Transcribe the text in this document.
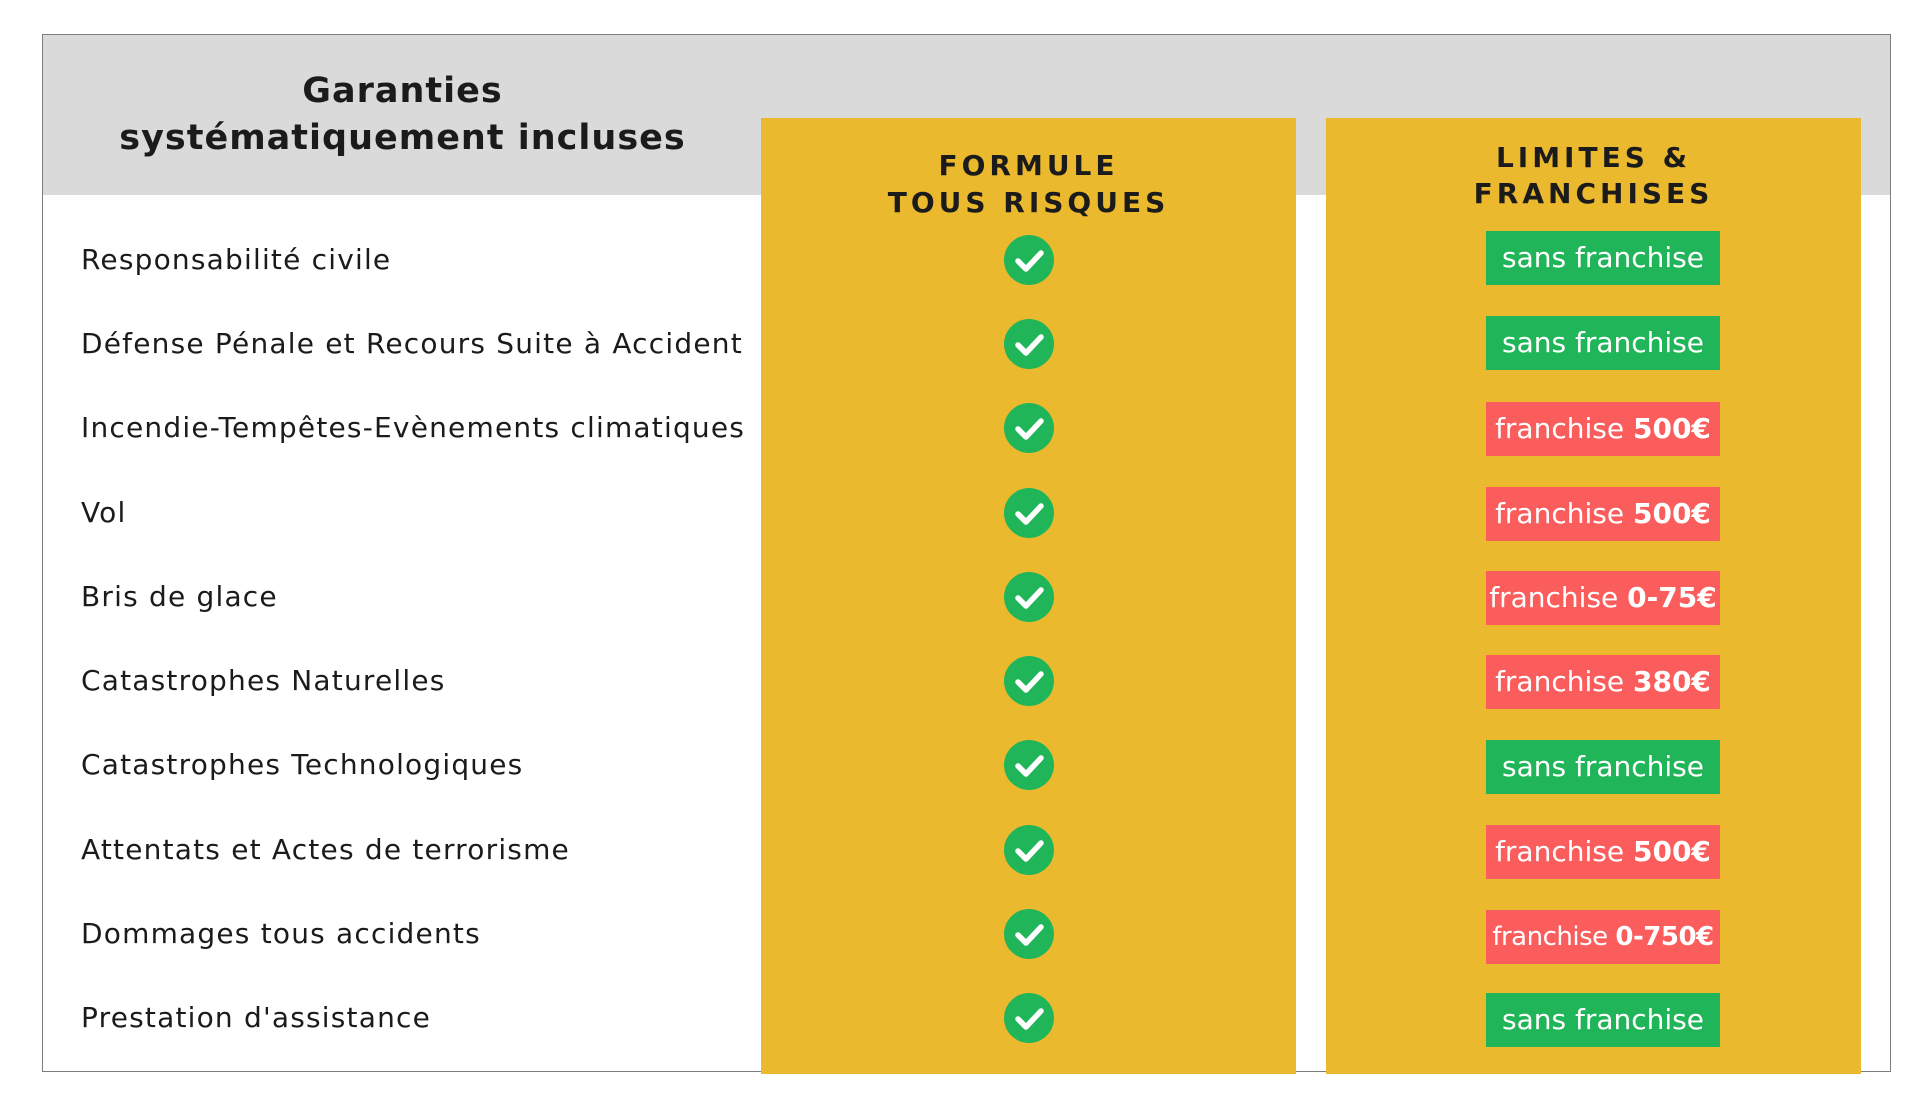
Garanties
systématiquement incluses
FORMULE
TOUS RISQUES
LIMITES &
FRANCHISES
Responsabilité civile	sans franchise
Défense Pénale et Recours Suite à Accident	sans franchise
Incendie-Tempêtes-Evènements climatiques	franchise 500€
Vol	franchise 500€
Bris de glace	franchise 0-75€
Catastrophes Naturelles	franchise 380€
Catastrophes Technologiques	sans franchise
Attentats et Actes de terrorisme	franchise 500€
Dommages tous accidents	franchise 0-750€
Prestation d'assistance	sans franchise
